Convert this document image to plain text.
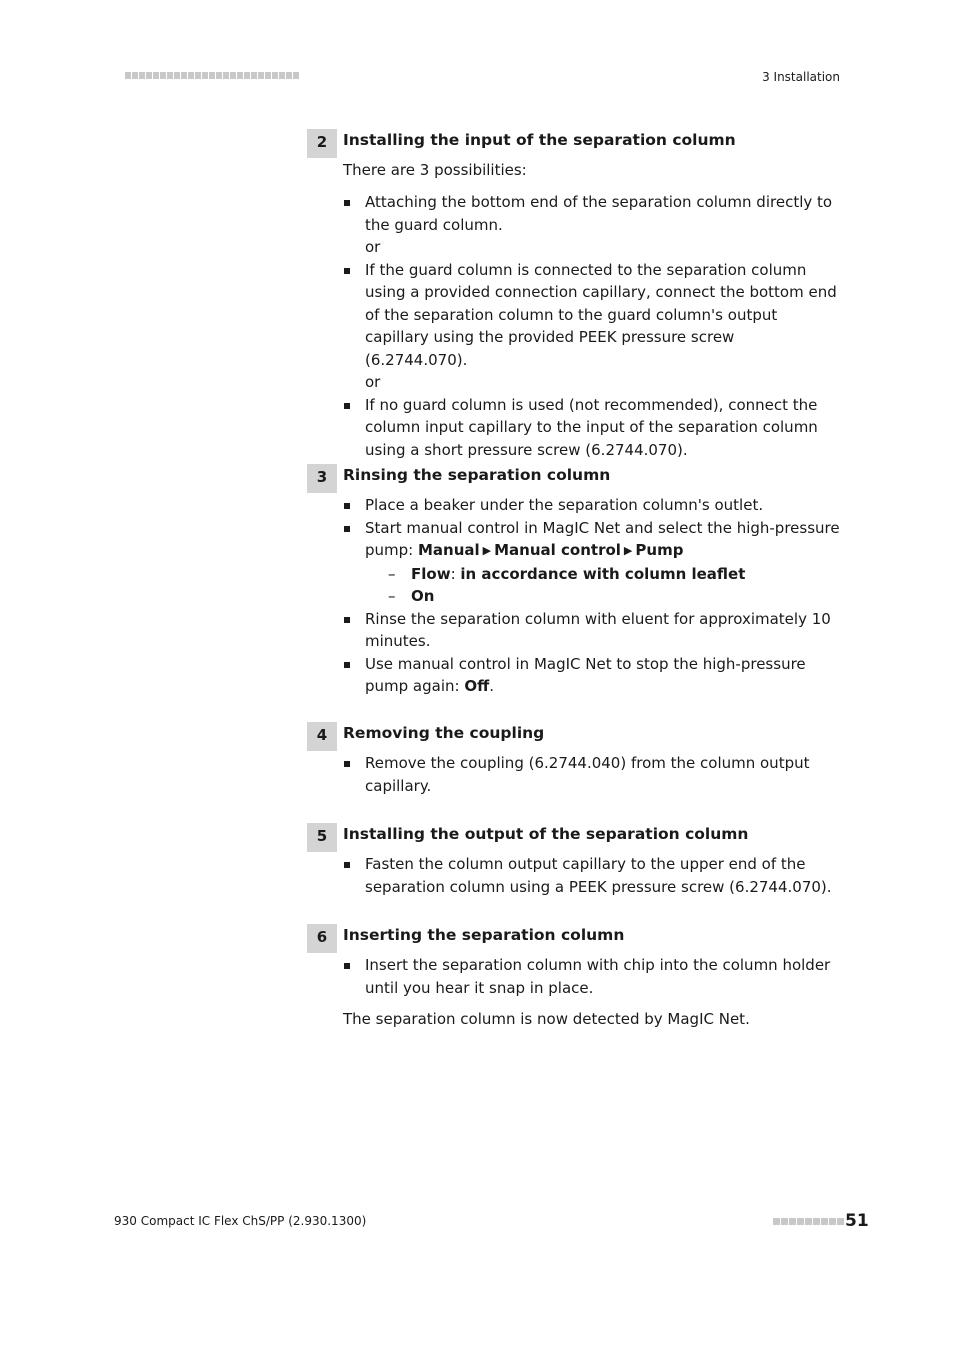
3 Installation
2	Installing the input of the separation column
There are 3 possibilities:
Attaching the bottom end of the separation column directly to the guard column.
or
If the guard column is connected to the separation column using a provided connection capillary, connect the bottom end of the separation column to the guard column's output capillary using the provided PEEK pressure screw (6.2744.070).
or
If no guard column is used (not recommended), connect the column input capillary to the input of the separation column using a short pressure screw (6.2744.070).
3	Rinsing the separation column
Place a beaker under the separation column's outlet.
Start manual control in MagIC Net and select the high-pressure pump: Manual ▶ Manual control ▶ Pump
– Flow: in accordance with column leaflet
– On
Rinse the separation column with eluent for approximately 10 minutes.
Use manual control in MagIC Net to stop the high-pressure pump again: Off.
4	Removing the coupling
Remove the coupling (6.2744.040) from the column output capillary.
5	Installing the output of the separation column
Fasten the column output capillary to the upper end of the separation column using a PEEK pressure screw (6.2744.070).
6	Inserting the separation column
Insert the separation column with chip into the column holder until you hear it snap in place.
The separation column is now detected by MagIC Net.
930 Compact IC Flex ChS/PP (2.930.1300)	51
